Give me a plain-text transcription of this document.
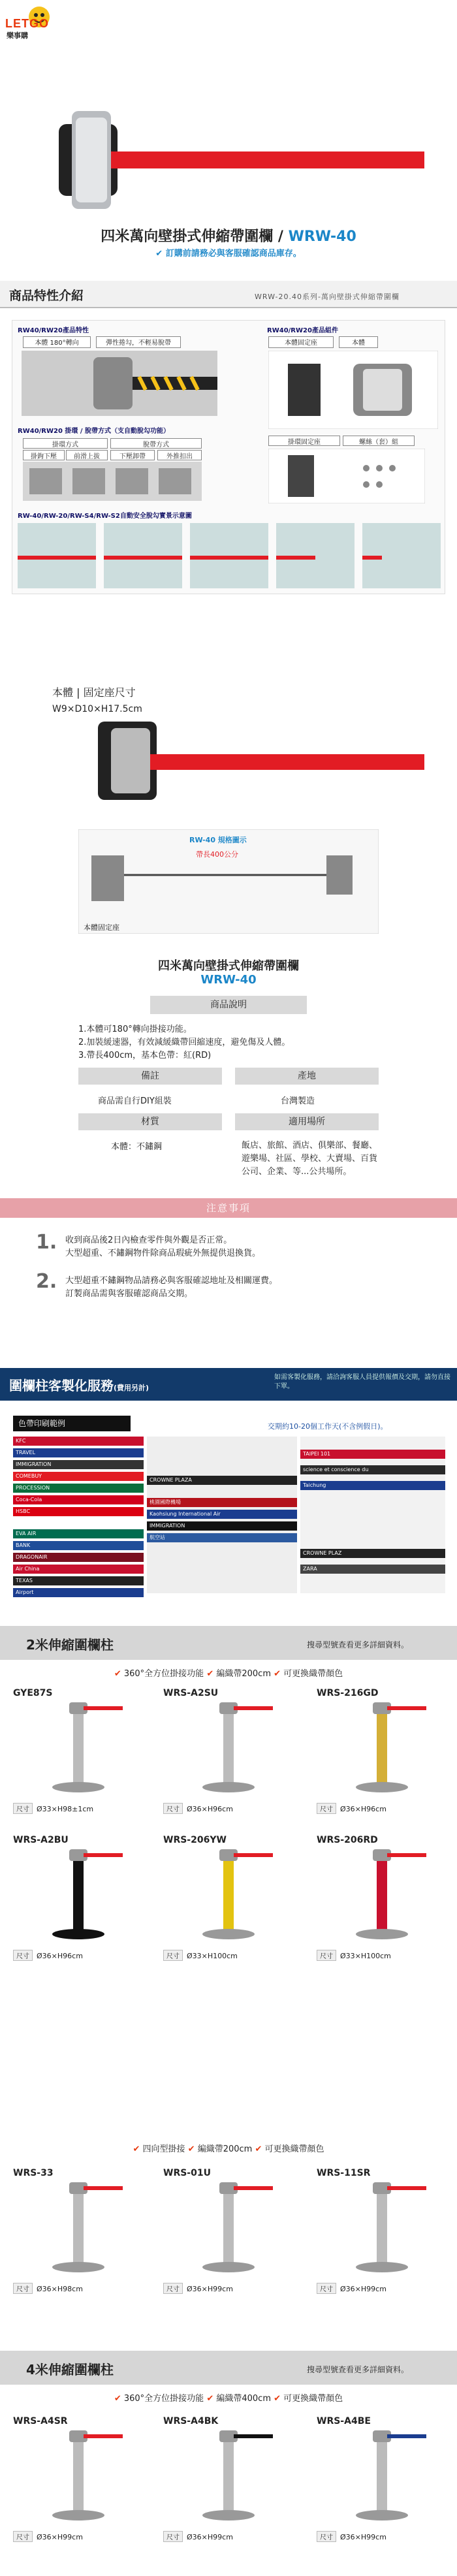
LETGO
樂事購
四米萬向壁掛式伸縮帶圍欄 / WRW-40
✔ 訂購前請務必與客服確認商品庫存。
商品特性介紹	WRW-20.40系列-萬向壁掛式伸縮帶圍欄
RW40/RW20產品特性
本體 180°轉向	彈性捲勾，不輕易脫帶
RW40/RW20產品組件
本體固定座	本體
RW40/RW20 掛環 / 脫帶方式（支自動脫勾功能）
掛環方式	脫帶方式
掛鉤下壓	前滑上拔	下壓卸帶	外推扣出
掛環固定座	螺絲（套）組
RW-40/RW-20/RW-S4/RW-S2自動安全脫勾實景示意圖
本體 | 固定座尺寸
W9×D10×H17.5cm
RW-40 規格圖示
帶長400公分
本體固定座
四米萬向壁掛式伸縮帶圍欄
WRW-40
商品說明
1.本體可180°轉向掛接功能。
2.加裝緩速器，有效減緩織帶回縮速度，避免傷及人體。
3.帶長400cm，基本色帶：紅(RD)
備註	產地
商品需自行DIY組裝	台灣製造
材質	適用場所
本體：不鏽鋼	飯店、旅館、酒店、俱樂部、餐廳、遊樂場、社區、學校、大賣場、百貨公司、企業、等...公共場所。
注意事項
1. 收到商品後2日內檢查零件與外觀是否正常。
大型超重、不鏽鋼物件除商品瑕疵外無提供退換貨。
2. 大型超重不鏽鋼物品請務必與客服確認地址及相關運費。
訂製商品需與客服確認商品交期。
圍欄柱客製化服務(費用另計)
如需客製化服務，請洽詢客服人員提供報價及交期，請勿直接下單。
色帶印刷範例	交期約10-20個工作天(不含例假日)。
KFC
TRAVEL
IMMIGRATION
COMEBUY
PROCESSION
Coca-Cola
HSBC
EVA AIR
BANK
DRAGONAIR
Air China
TEXAS
Airport
CROWNE PLAZA
桃園國際機場
Kaohsiung International Air
IMMIGRATION
航空站
TAIPEI 101
science et conscience du
Taichung
CROWNE PLAZ
ZARA
2米伸縮圍欄柱	搜尋型號查看更多詳細資料。
✔ 360°全方位掛接功能 ✔ 編織帶200cm ✔ 可更換織帶顏色
GYE87S
尺寸 Ø33×H98±1cm
WRS-A2SU
尺寸 Ø36×H96cm
WRS-216GD
尺寸 Ø36×H96cm
WRS-A2BU
尺寸 Ø36×H96cm
WRS-206YW
尺寸 Ø33×H100cm
WRS-206RD
尺寸 Ø33×H100cm
WRS-33
尺寸 Ø36×H98cm
WRS-01U
尺寸 Ø36×H99cm
WRS-11SR
尺寸 Ø36×H99cm
WRS-A4SR
尺寸 Ø36×H99cm
WRS-A4BK
尺寸 Ø36×H99cm
WRS-A4BE
尺寸 Ø36×H99cm
✔ 四向型掛接 ✔ 編織帶200cm ✔ 可更換織帶顏色
4米伸縮圍欄柱	搜尋型號查看更多詳細資料。
✔ 360°全方位掛接功能 ✔ 編織帶400cm ✔ 可更換織帶顏色
